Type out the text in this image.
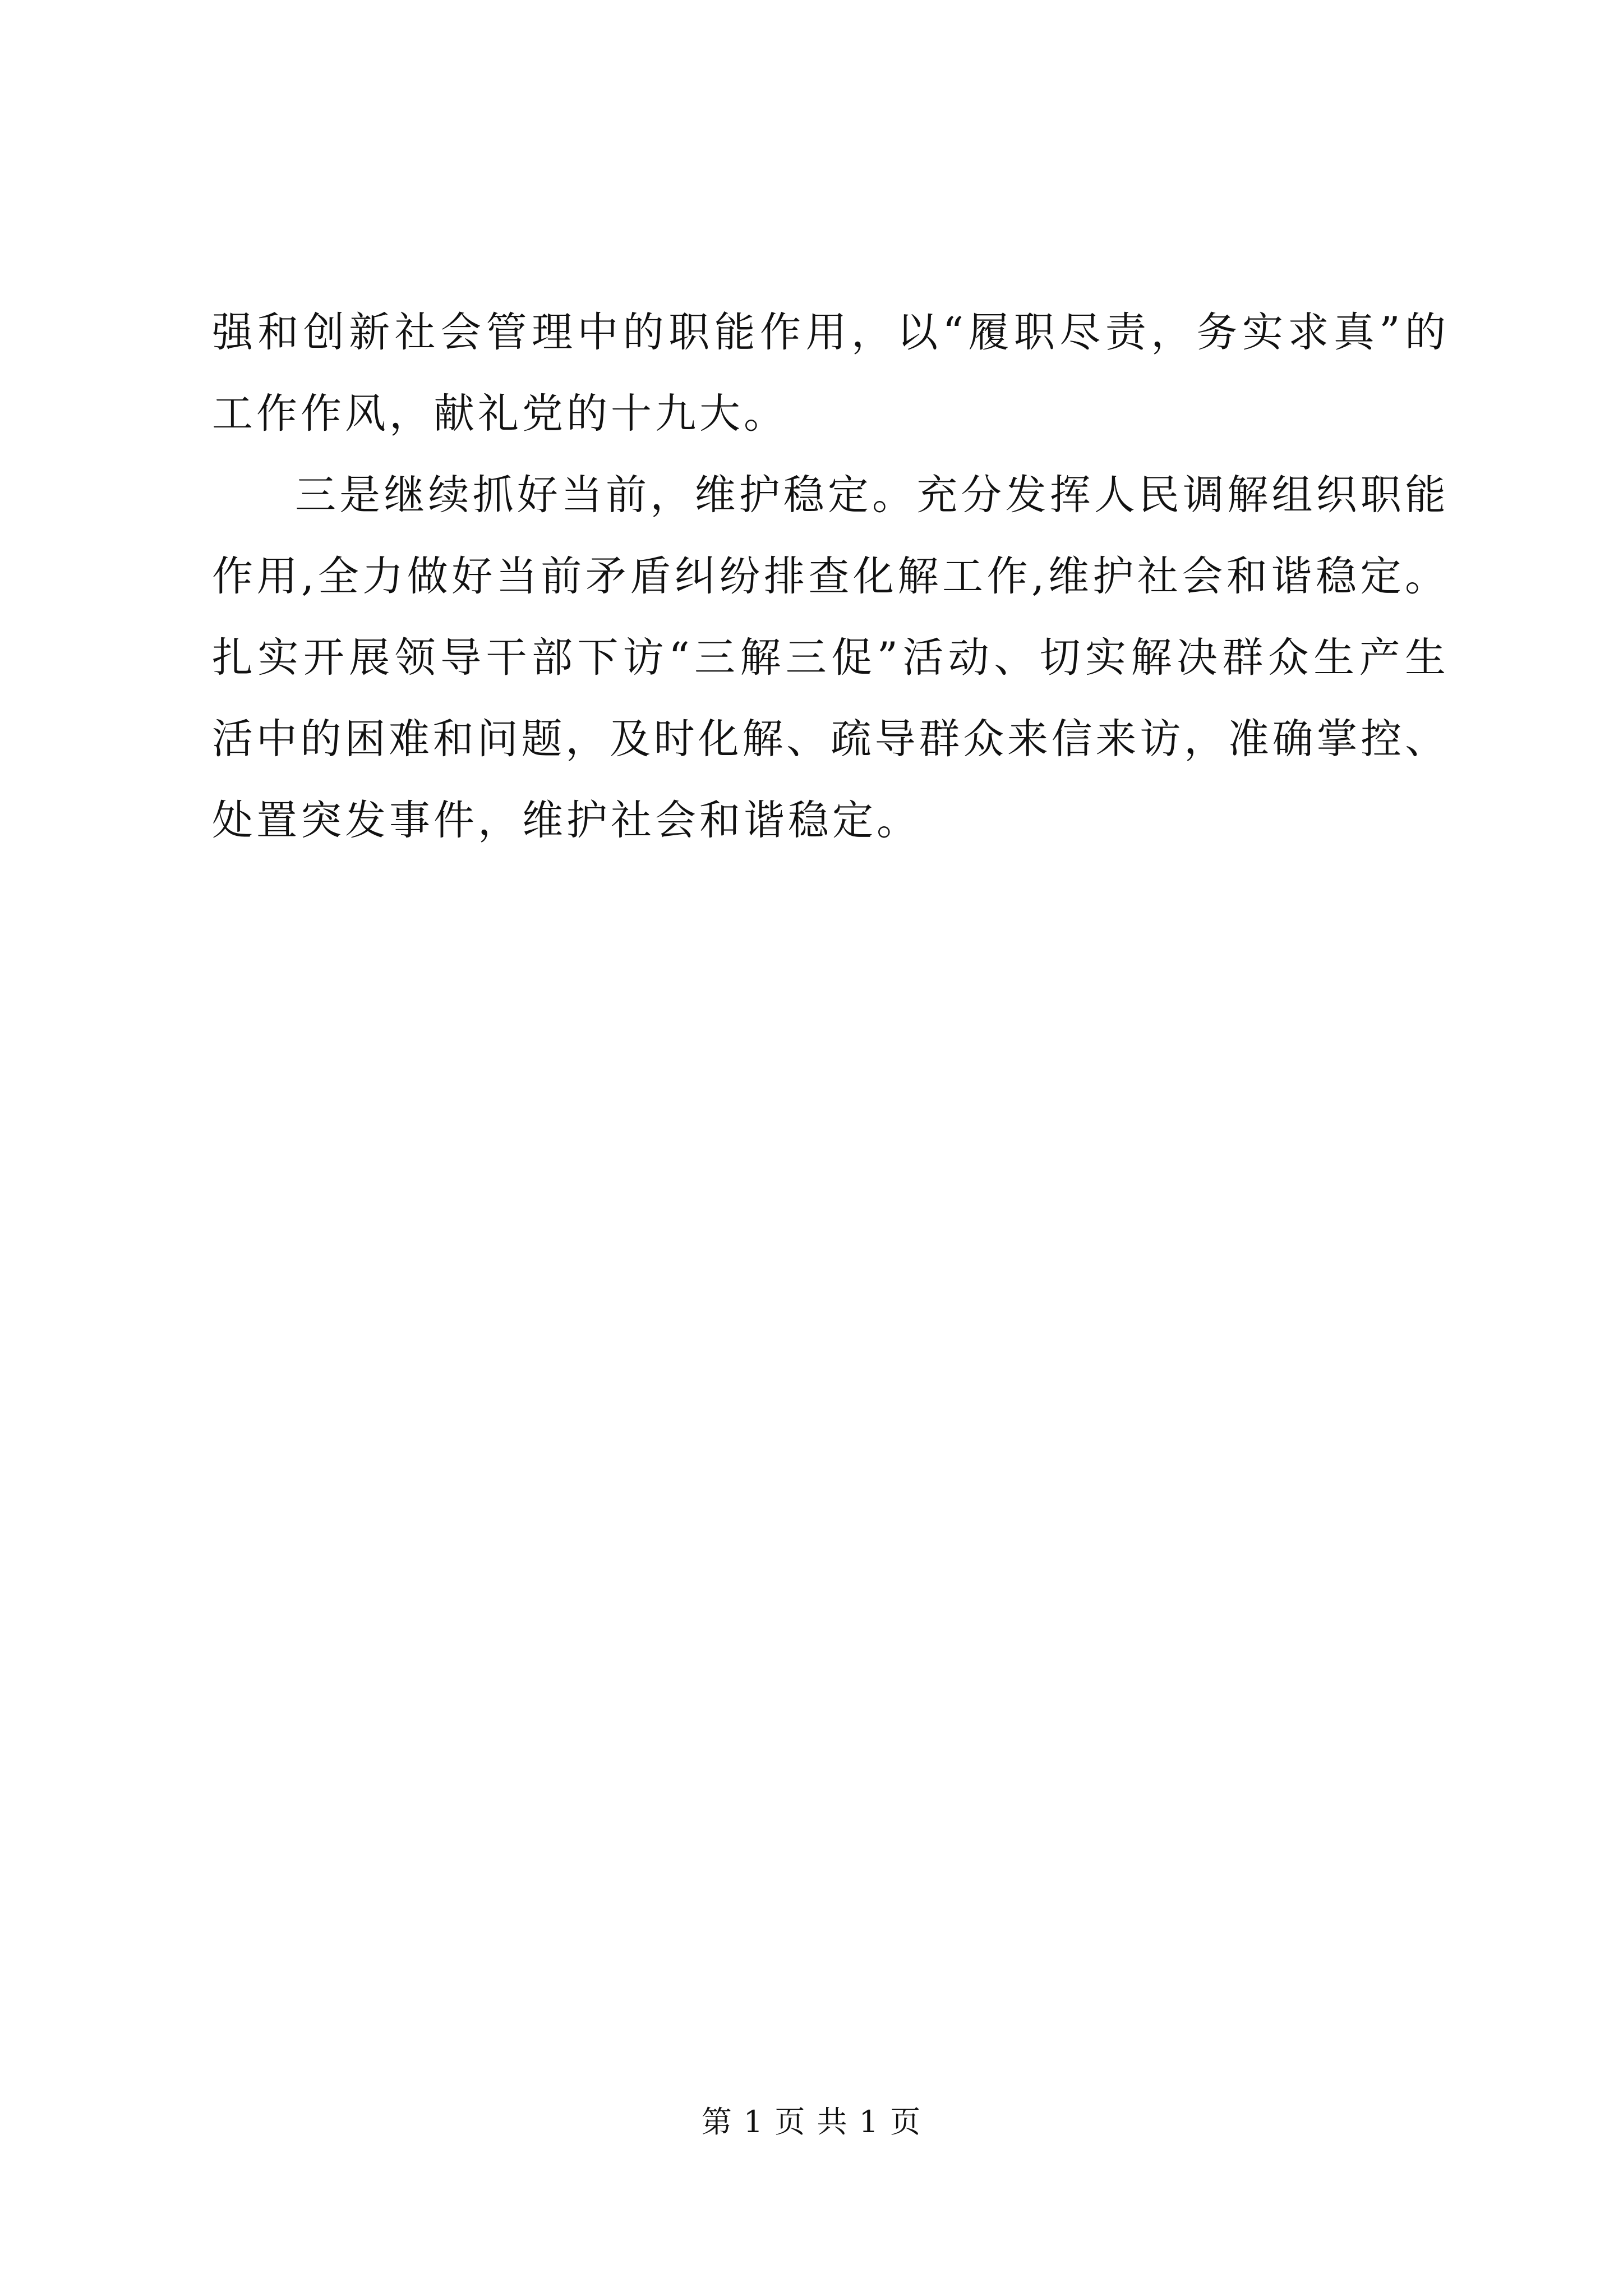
强和创新社会管理中的职能作用，以“履职尽责，务实求真”的
工作作风，献礼党的十九大。
三是继续抓好当前，维护稳定。充分发挥人民调解组织职能
作用,全力做好当前矛盾纠纷排查化解工作,维护社会和谐稳定。
扎实开展领导干部下访“三解三促”活动、切实解决群众生产生
活中的困难和问题，及时化解、疏导群众来信来访，准确掌控、
处置突发事件，维护社会和谐稳定。
第 1 页 共 1 页
